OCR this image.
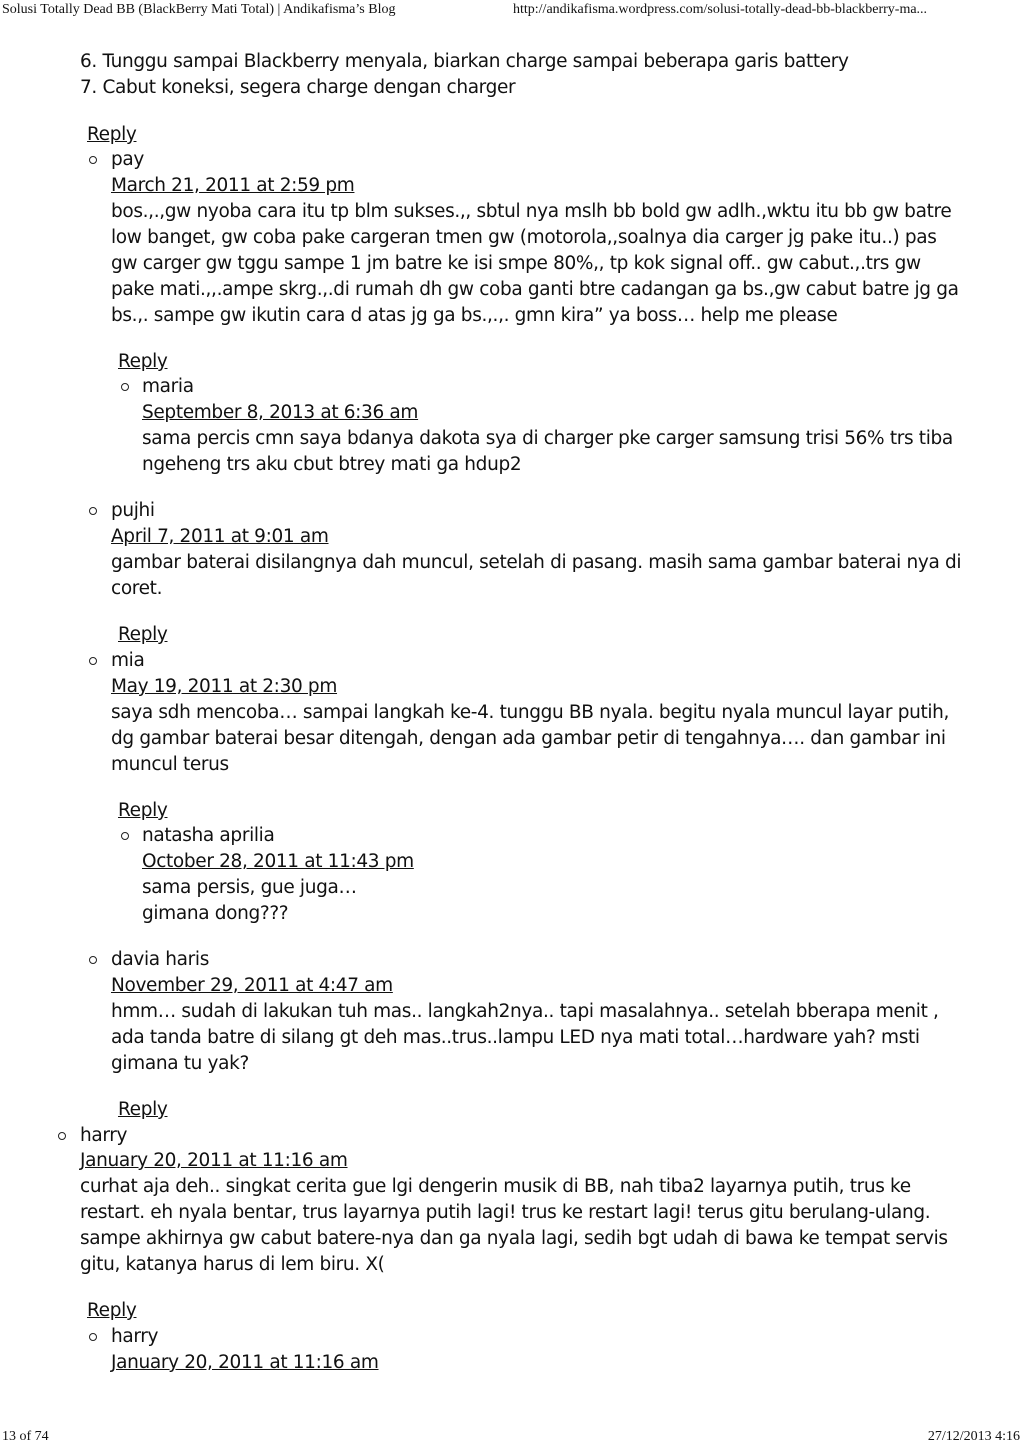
Solusi Totally Dead BB (BlackBerry Mati Total) | Andikafisma’s Blog	http://andikafisma.wordpress.com/solusi-totally-dead-bb-blackberry-ma...
6. Tunggu sampai Blackberry menyala, biarkan charge sampai beberapa garis battery
7. Cabut koneksi, segera charge dengan charger
Reply
pay
March 21, 2011 at 2:59 pm
bos.,.,gw nyoba cara itu tp blm sukses.,, sbtul nya mslh bb bold gw adlh.,wktu itu bb gw batre
low banget, gw coba pake cargeran tmen gw (motorola,,soalnya dia carger jg pake itu..) pas
gw carger gw tggu sampe 1 jm batre ke isi smpe 80%,, tp kok signal off.. gw cabut.,.trs gw
pake mati.,,.ampe skrg.,.di rumah dh gw coba ganti btre cadangan ga bs.,gw cabut batre jg ga
bs.,. sampe gw ikutin cara d atas jg ga bs.,.,. gmn kira” ya boss… help me please
Reply
maria
September 8, 2013 at 6:36 am
sama percis cmn saya bdanya dakota sya di charger pke carger samsung trisi 56% trs tiba
ngeheng trs aku cbut btrey mati ga hdup2
pujhi
April 7, 2011 at 9:01 am
gambar baterai disilangnya dah muncul, setelah di pasang. masih sama gambar baterai nya di
coret.
Reply
mia
May 19, 2011 at 2:30 pm
saya sdh mencoba… sampai langkah ke-4. tunggu BB nyala. begitu nyala muncul layar putih,
dg gambar baterai besar ditengah, dengan ada gambar petir di tengahnya…. dan gambar ini
muncul terus
Reply
natasha aprilia
October 28, 2011 at 11:43 pm
sama persis, gue juga…
gimana dong???
davia haris
November 29, 2011 at 4:47 am
hmm… sudah di lakukan tuh mas.. langkah2nya.. tapi masalahnya.. setelah bberapa menit ,
ada tanda batre di silang gt deh mas..trus..lampu LED nya mati total…hardware yah? msti
gimana tu yak?
Reply
harry
January 20, 2011 at 11:16 am
curhat aja deh.. singkat cerita gue lgi dengerin musik di BB, nah tiba2 layarnya putih, trus ke
restart. eh nyala bentar, trus layarnya putih lagi! trus ke restart lagi! terus gitu berulang-ulang.
sampe akhirnya gw cabut batere-nya dan ga nyala lagi, sedih bgt udah di bawa ke tempat servis
gitu, katanya harus di lem biru. X(
Reply
harry
January 20, 2011 at 11:16 am
13 of 74	27/12/2013 4:16
